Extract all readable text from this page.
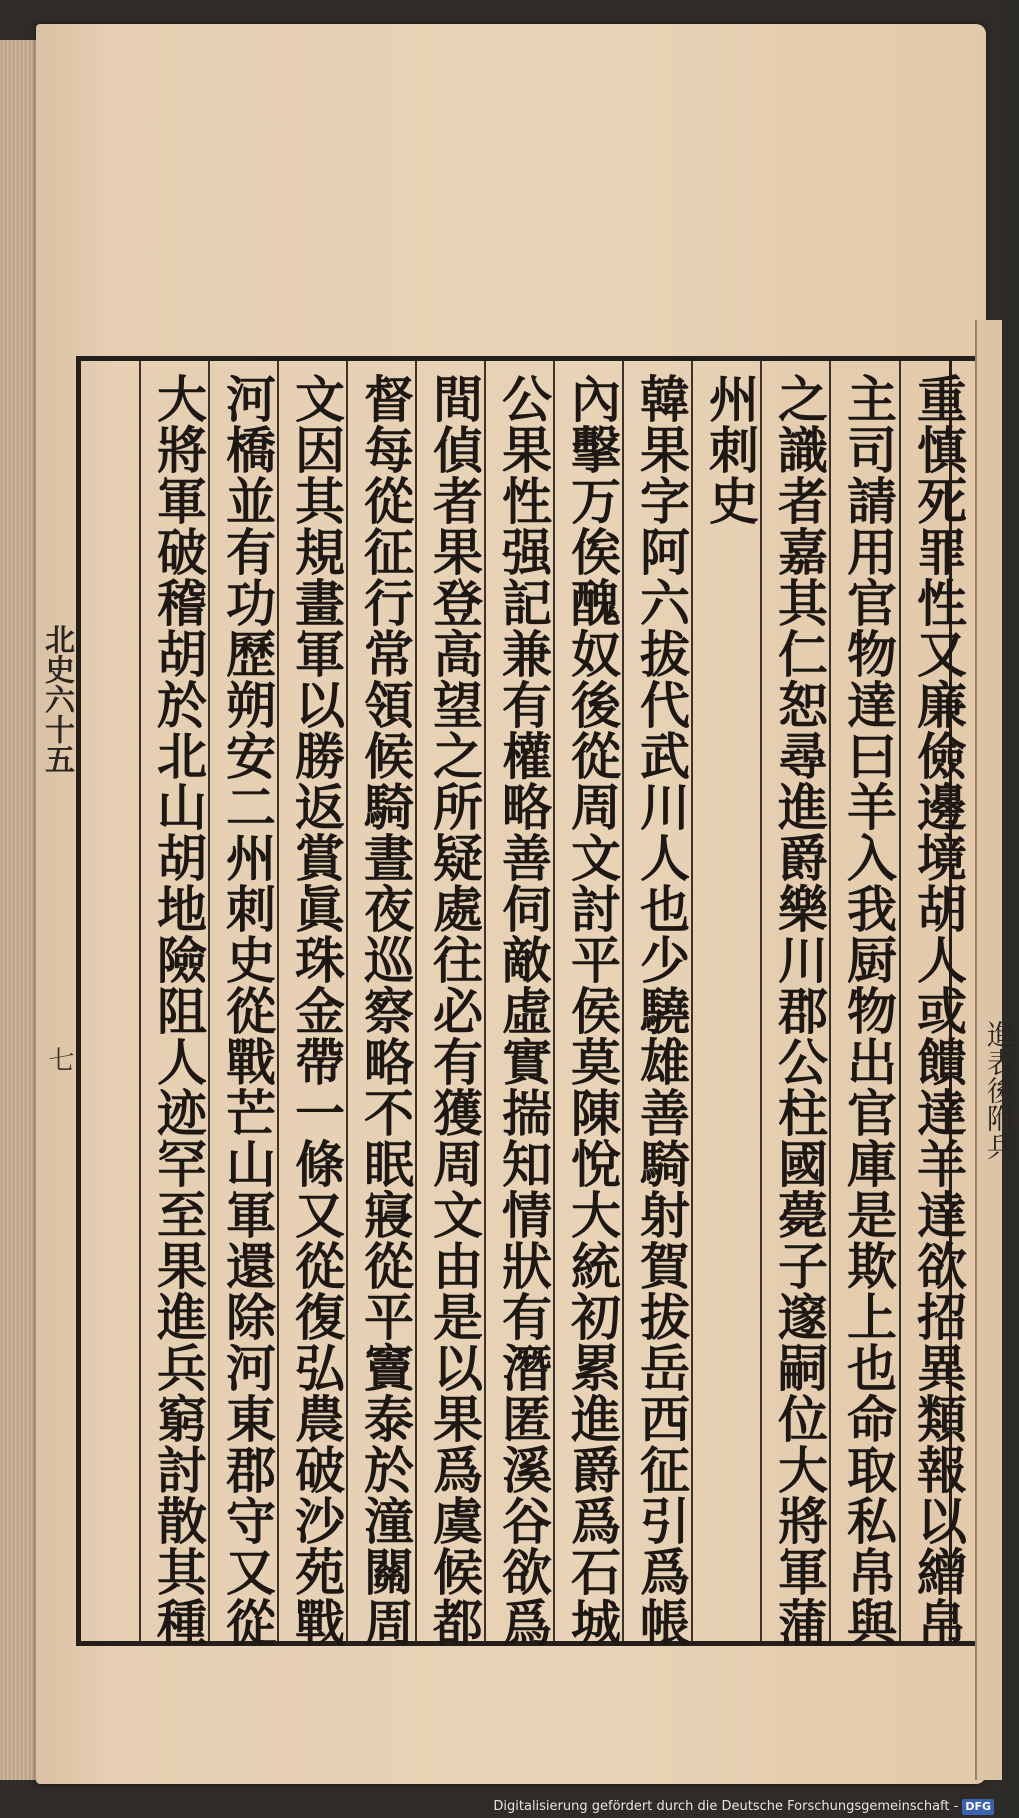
重慎死罪性又廉儉邊境胡人或饋達羊達欲招異類報以繒帛
主司請用官物達曰羊入我厨物出官庫是欺上也命取私帛與
之識者嘉其仁恕尋進爵樂川郡公柱國薨子邃嗣位大將軍蒲
州刺史
韓果字阿六拔代武川人也少驍雄善騎射賀拔岳西征引爲帳
內擊万俟醜奴後從周文討平侯莫陳悅大統初累進爵爲石城
公果性强記兼有權略善伺敵虛實揣知情狀有潛匿溪谷欲爲
間偵者果登高望之所疑處往必有獲周文由是以果爲虞候都
督每從征行常領候騎晝夜巡察略不眠寢從平竇泰於潼關周
文因其規畫軍以勝返賞眞珠金帶一條又從復弘農破沙苑戰
河橋並有功歷朔安二州刺史從戰芒山軍還除河東郡守又從
大將軍破稽胡於北山胡地險阻人迹罕至果進兵窮討散其種
北史六十五
七	進表後附兵
Digitalisierung gefördert durch die Deutsche Forschungsgemeinschaft - DFG
